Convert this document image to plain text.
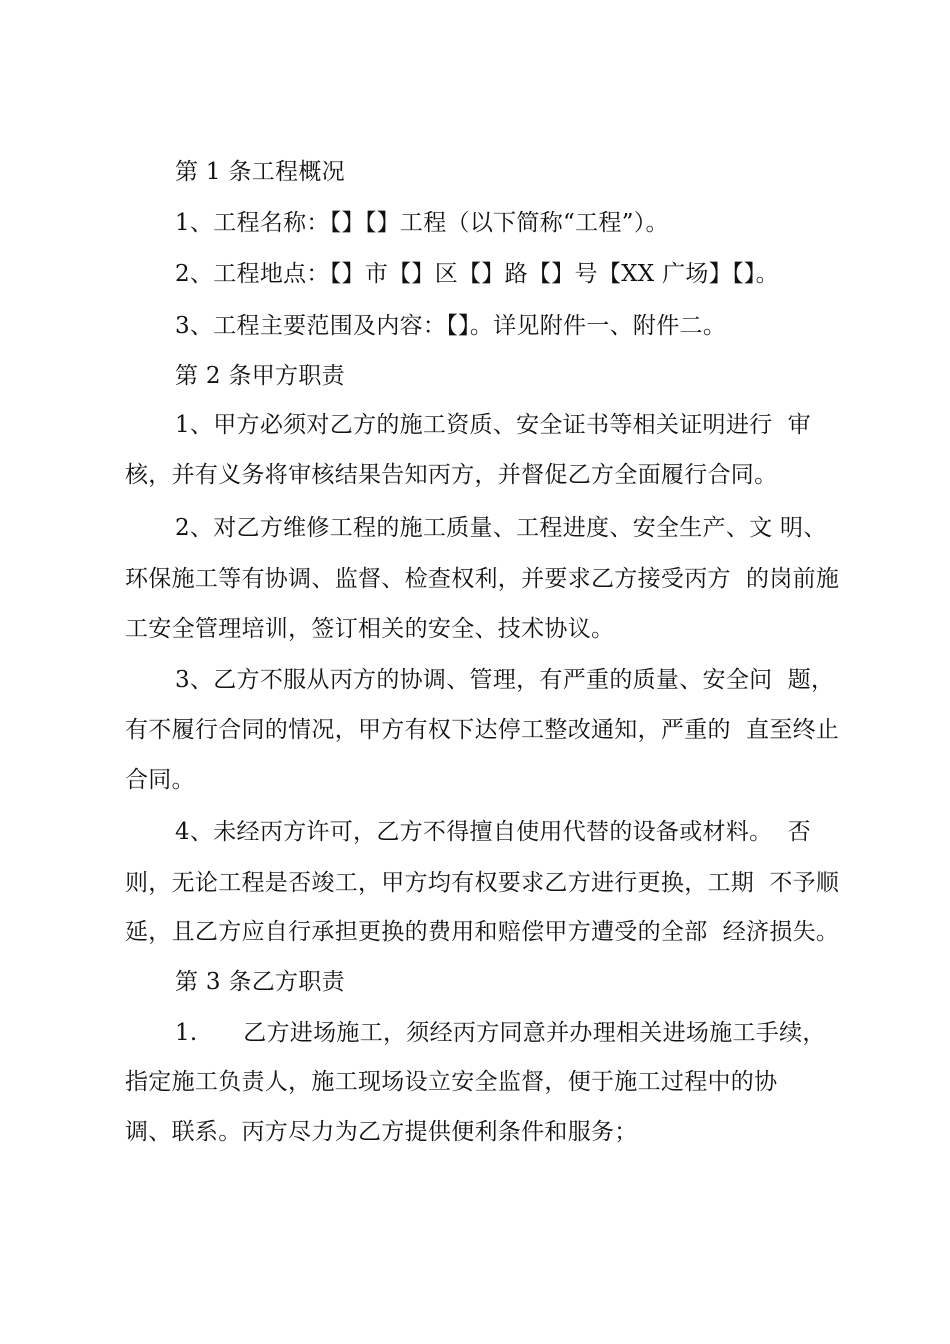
第 1 条工程概况
1、工程名称：【】【】工程（以下简称“工程”）。
2、工程地点：【】市【】区【】路【】号【XX 广场】【】。
3、工程主要范围及内容：【】。详见附件一、附件二。
第 2 条甲方职责
1、甲方必须对乙方的施工资质、安全证书等相关证明进行  审
核，并有义务将审核结果告知丙方，并督促乙方全面履行合同。
2、对乙方维修工程的施工质量、工程进度、安全生产、文 明、
环保施工等有协调、监督、检查权利，并要求乙方接受丙方  的岗前施
工安全管理培训，签订相关的安全、技术协议。
3、乙方不服从丙方的协调、管理，有严重的质量、安全问  题，
有不履行合同的情况，甲方有权下达停工整改通知，严重的  直至终止
合同。
4、未经丙方许可，乙方不得擅自使用代替的设备或材料。  否
则，无论工程是否竣工，甲方均有权要求乙方进行更换，工期  不予顺
延，且乙方应自行承担更换的费用和赔偿甲方遭受的全部  经济损失。
第 3 条乙方职责
1.      乙方进场施工，须经丙方同意并办理相关进场施工手续，
指定施工负责人，施工现场设立安全监督，便于施工过程中的协
调、联系。丙方尽力为乙方提供便利条件和服务；
